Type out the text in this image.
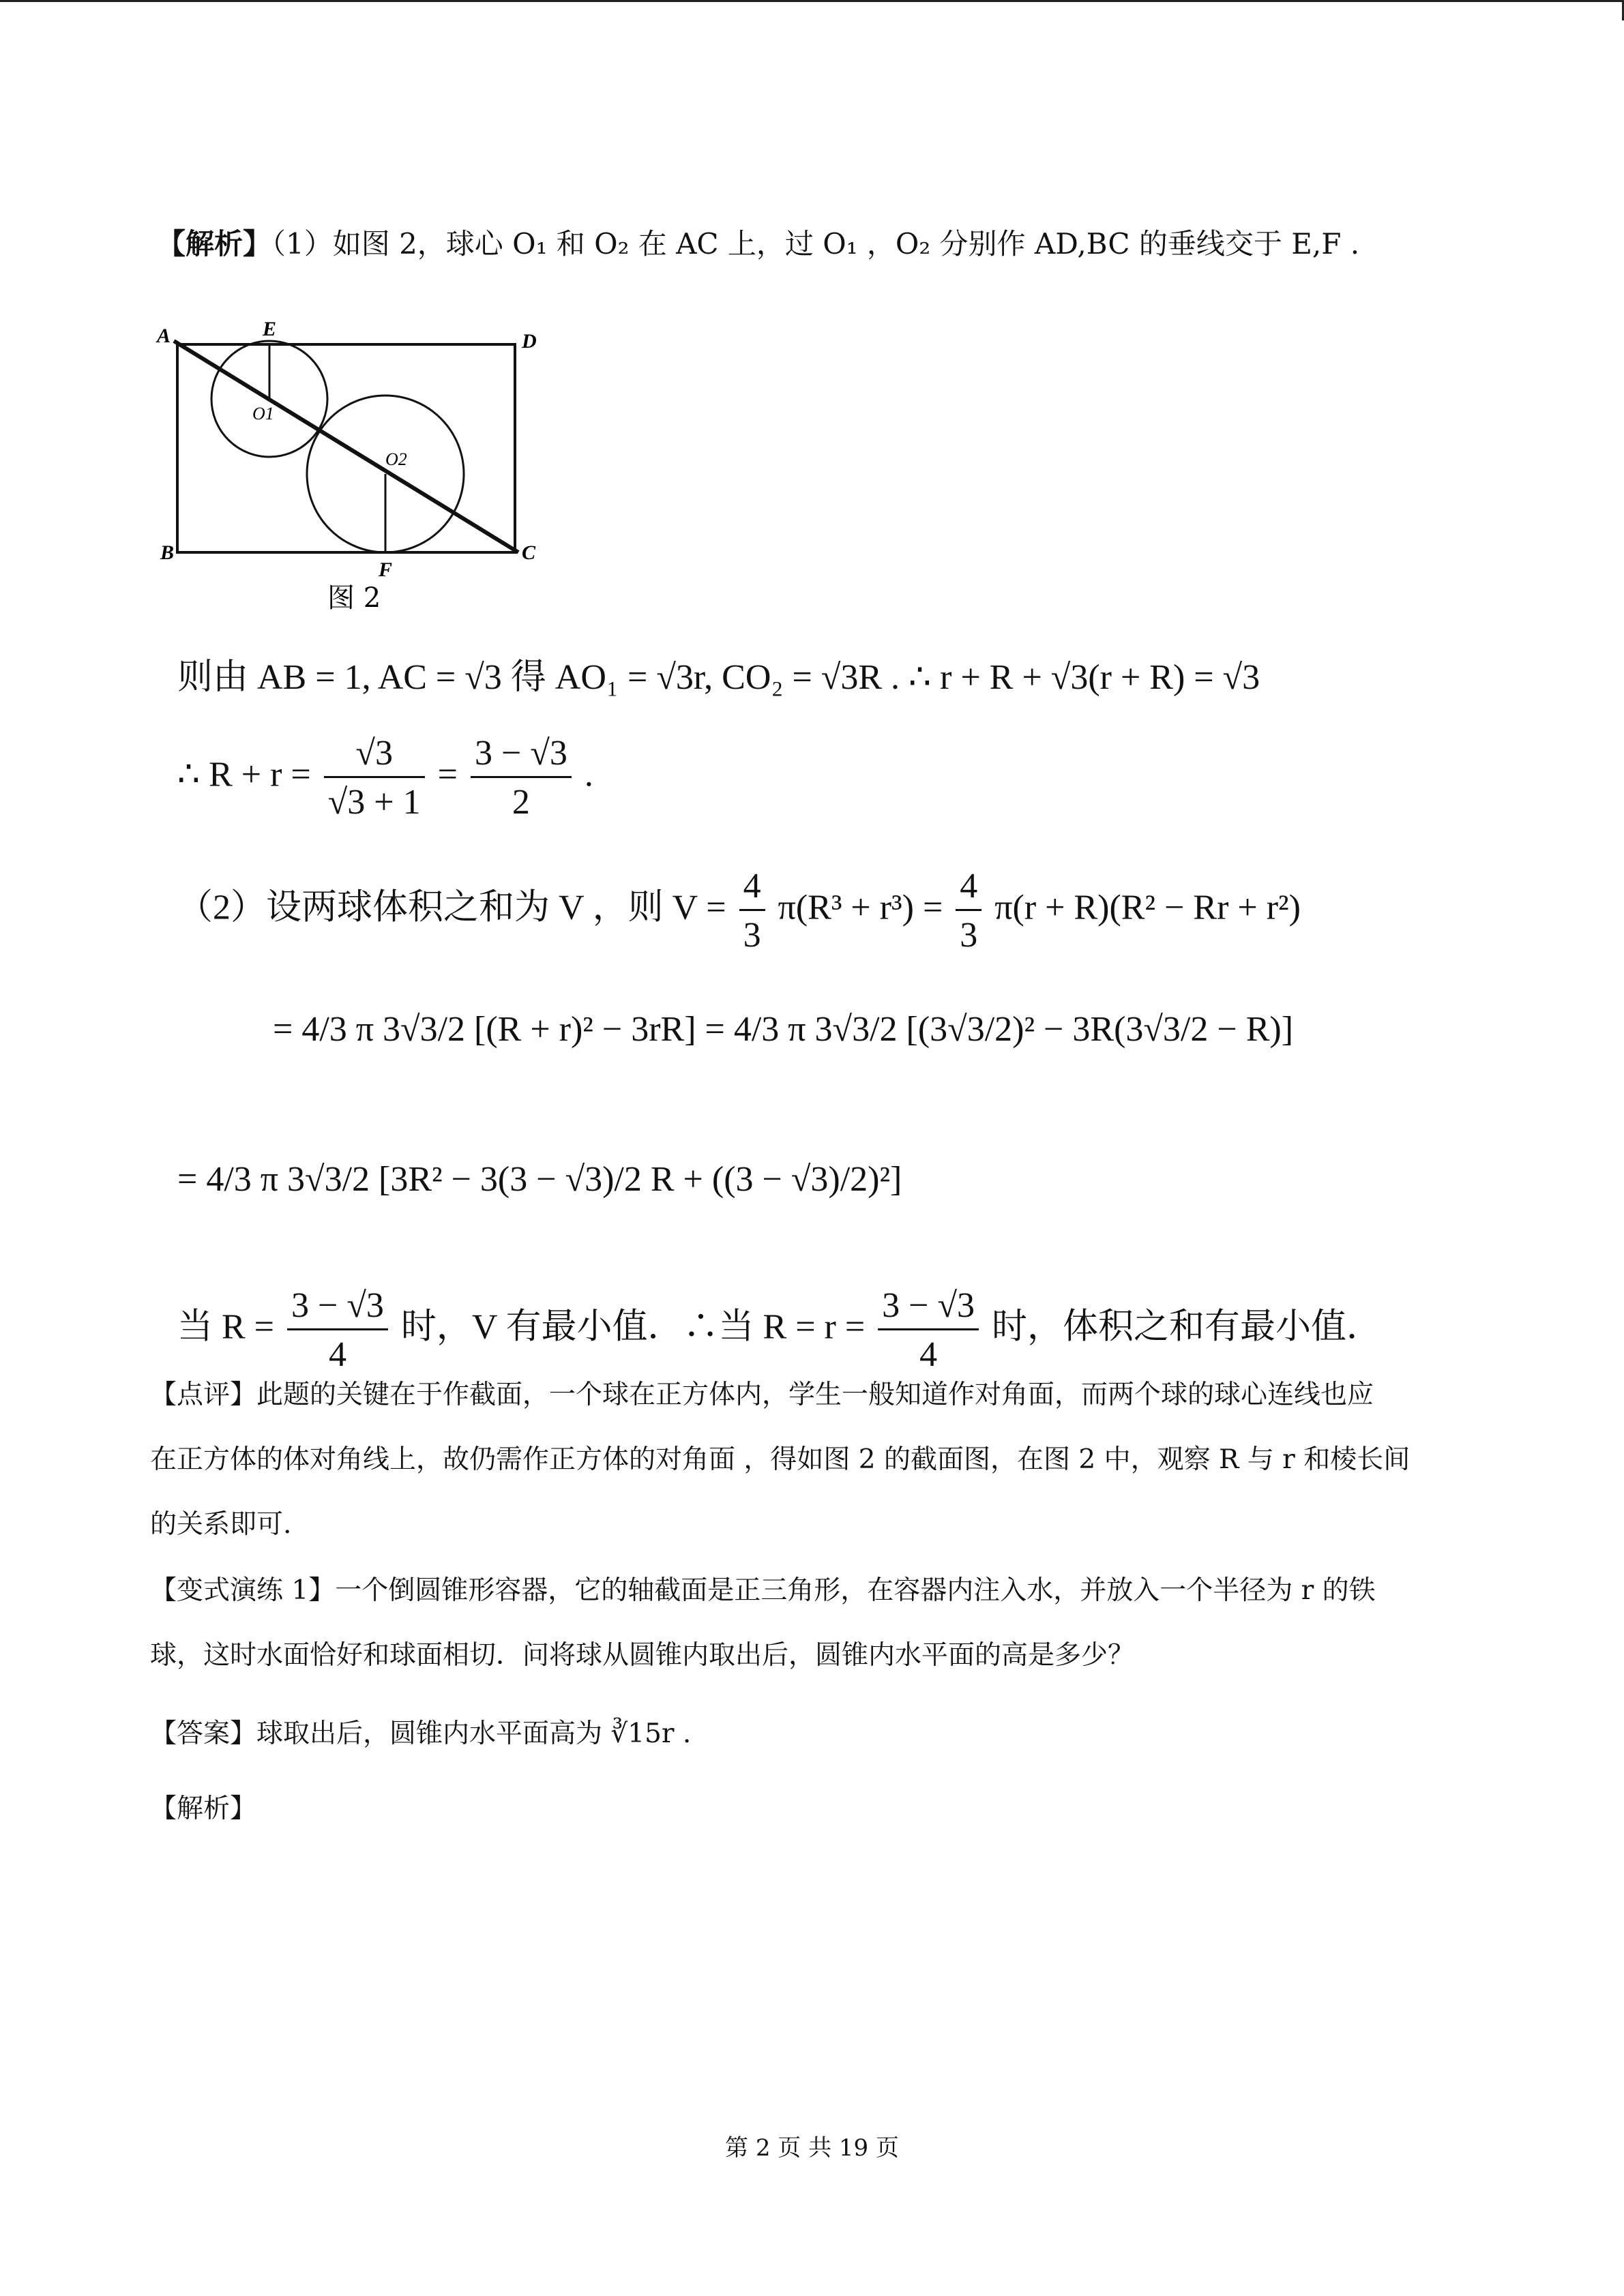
【解析】（1）如图 2，球心 O₁ 和 O₂ 在 AC 上，过 O₁ ，O₂ 分别作 AD,BC 的垂线交于 E,F .
A	E
D
B
F
C
O1
O2
图 2
则由 AB = 1, AC = √3 得 AO₁ = √3r, CO₂ = √3R . ∴ r + R + √3(r + R) = √3
∴ $R + r = \frac{√3}{√3 + 1} = \frac{3 - √3}{2}$ .
（2）设两球体积之和为 V ，则 $V = \frac{4}{3} \pi(R^3 + r^3) = \frac{4}{3} \pi(r + R)(R^2 - Rr + r^2)$
= 4/3 π 3√3/2 [(R + r)² − 3rR] = 4/3 π 3√3/2 [(3√3/2)² − 3R(3√3/2 − R)]
= 4/3 π 3√3/2 [3R² − 3(3 − √3)/2 R + ((3 − √3)/2)²]
当 $R = \frac{3 - √3}{4}$ 时，V 有最小值．∴当 $R = r = \frac{3 - √3}{4}$ 时，体积之和有最小值．
【点评】此题的关键在于作截面，一个球在正方体内，学生一般知道作对角面，而两个球的球心连线也应
在正方体的体对角线上，故仍需作正方体的对角面 ，得如图 2 的截面图，在图 2 中，观察 R 与 r 和棱长间
的关系即可.
【变式演练 1】一个倒圆锥形容器，它的轴截面是正三角形，在容器内注入水，并放入一个半径为 r 的铁
球，这时水面恰好和球面相切．问将球从圆锥内取出后，圆锥内水平面的高是多少？
【答案】球取出后，圆锥内水平面高为 ∛15r .
【解析】
第 2 页 共 19 页
